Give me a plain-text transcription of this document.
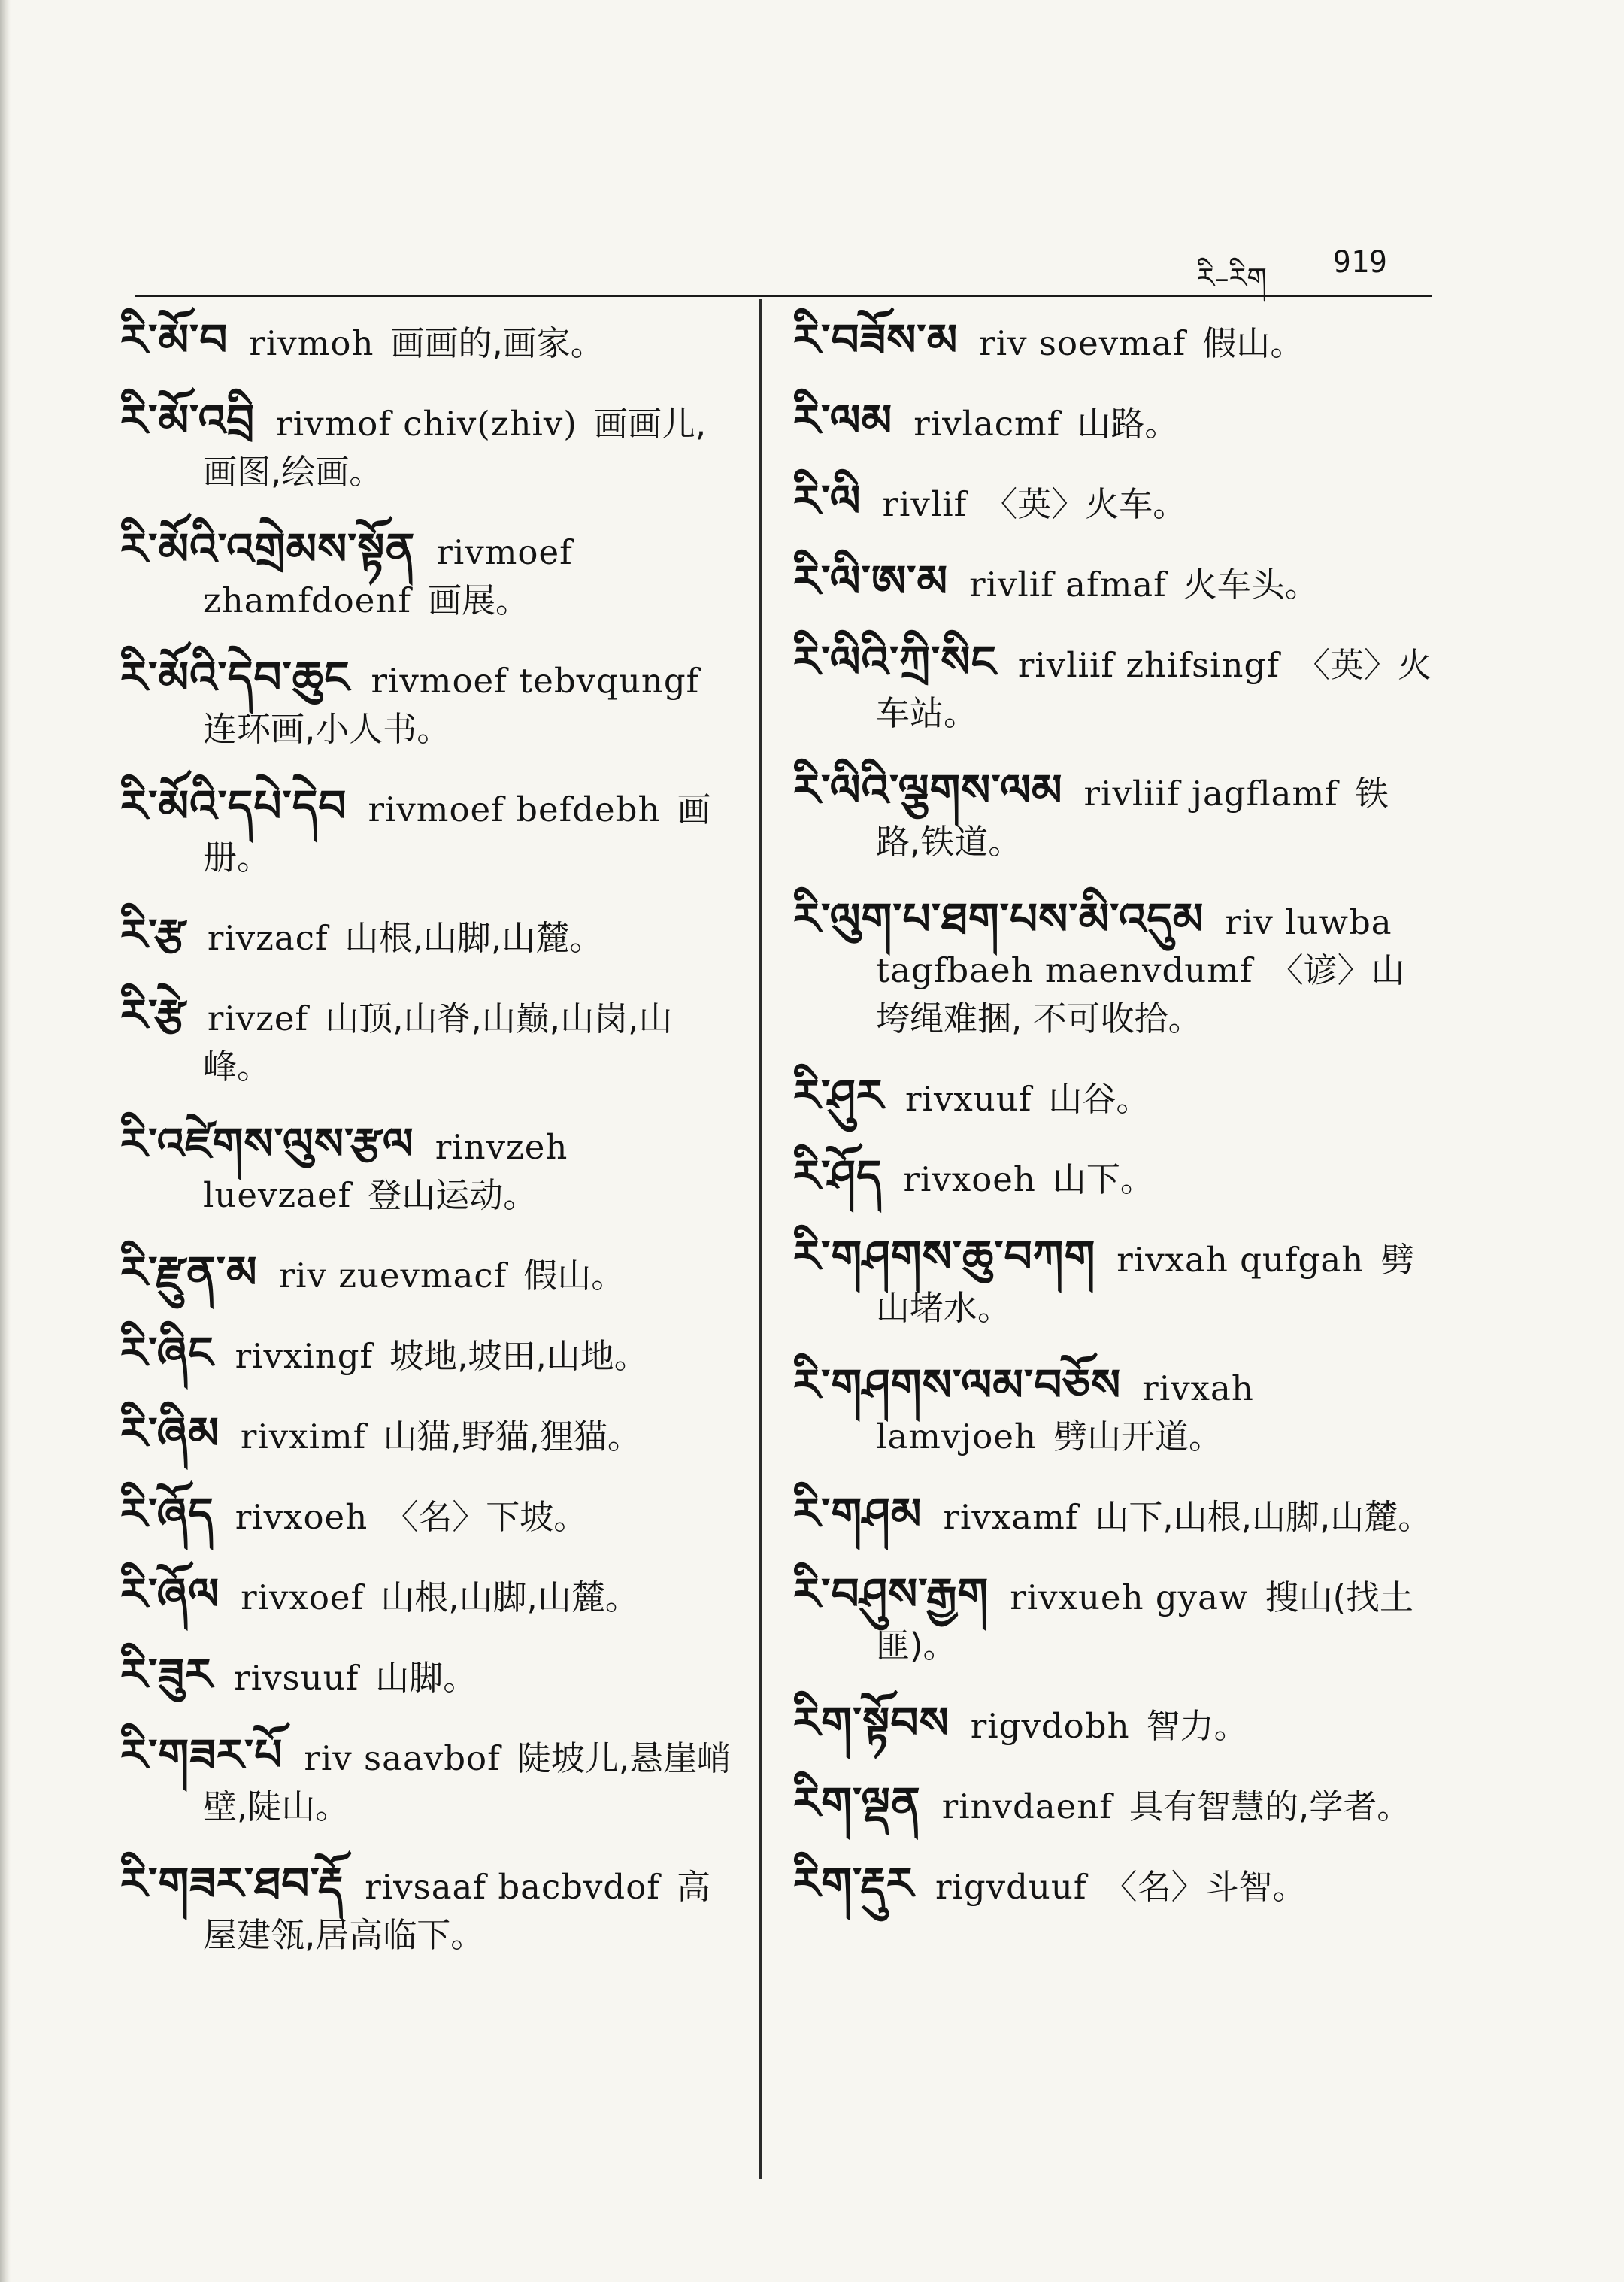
རི–རིག 919
རི་མོ་བ rivmoh 画画的,画家。
རི་མོ་འབྲི rivmof chiv(zhiv) 画画儿,画图,绘画。
རི་མོའི་འགྲེམས་སྟོན rivmoef zhamfdoenf 画展。
རི་མོའི་དེབ་ཆུང rivmoef tebvqungf连环画,小人书。
རི་མོའི་དཔེ་དེབ rivmoef befdebh 画册。
རི་རྩ rivzacf 山根,山脚,山麓。
རི་རྩེ rivzef 山顶,山脊,山巅,山岗,山峰。
རི་འཛེགས་ལུས་རྩལ rinvzeh luevzaef 登山运动。
རི་རྫུན་མ riv zuevmacf 假山。
རི་ཞིང rivxingf 坡地,坡田,山地。
རི་ཞིམ rivximf 山猫,野猫,狸猫。
རི་ཞོད rivxoeh 〈名〉下坡。
རི་ཞོལ rivxoef 山根,山脚,山麓。
རི་ཟུར rivsuuf 山脚。
རི་གཟར་པོ riv saavbof 陡坡儿,悬崖峭壁,陡山。
རི་གཟར་ཐབ་རྡོ rivsaaf bacbvdof 高屋建瓴,居高临下。
རི་བཟོས་མ riv soevmaf 假山。
རི་ལམ rivlacmf 山路。
རི་ལི rivlif 〈英〉火车。
རི་ལི་ཨ་མ rivlif afmaf 火车头。
རི་ལིའི་ཀྲི་སིང rivliif zhifsingf 〈英〉火车站。
རི་ལིའི་ལྕགས་ལམ rivliif jagflamf 铁路,铁道。
རི་ལུག་པ་ཐག་པས་མི་འདུམ riv luwba tagfbaeh maenvdumf 〈谚〉山垮绳难捆, 不可收拾。
རི་ཤུར rivxuuf 山谷。
རི་ཤོད rivxoeh 山下。
རི་གཤགས་ཆུ་བཀག rivxah qufgah 劈山堵水。
རི་གཤགས་ལམ་བཅོས rivxah lamvjoeh 劈山开道。
རི་གཤམ rivxamf 山下,山根,山脚,山麓。
རི་བཤུས་རྒྱག rivxueh gyaw 搜山(找土匪)。
རིག་སྟོབས rigvdobh 智力。
རིག་ལྡན rinvdaenf 具有智慧的,学者。
རིག་རྡུར rigvduuf 〈名〉斗智。
